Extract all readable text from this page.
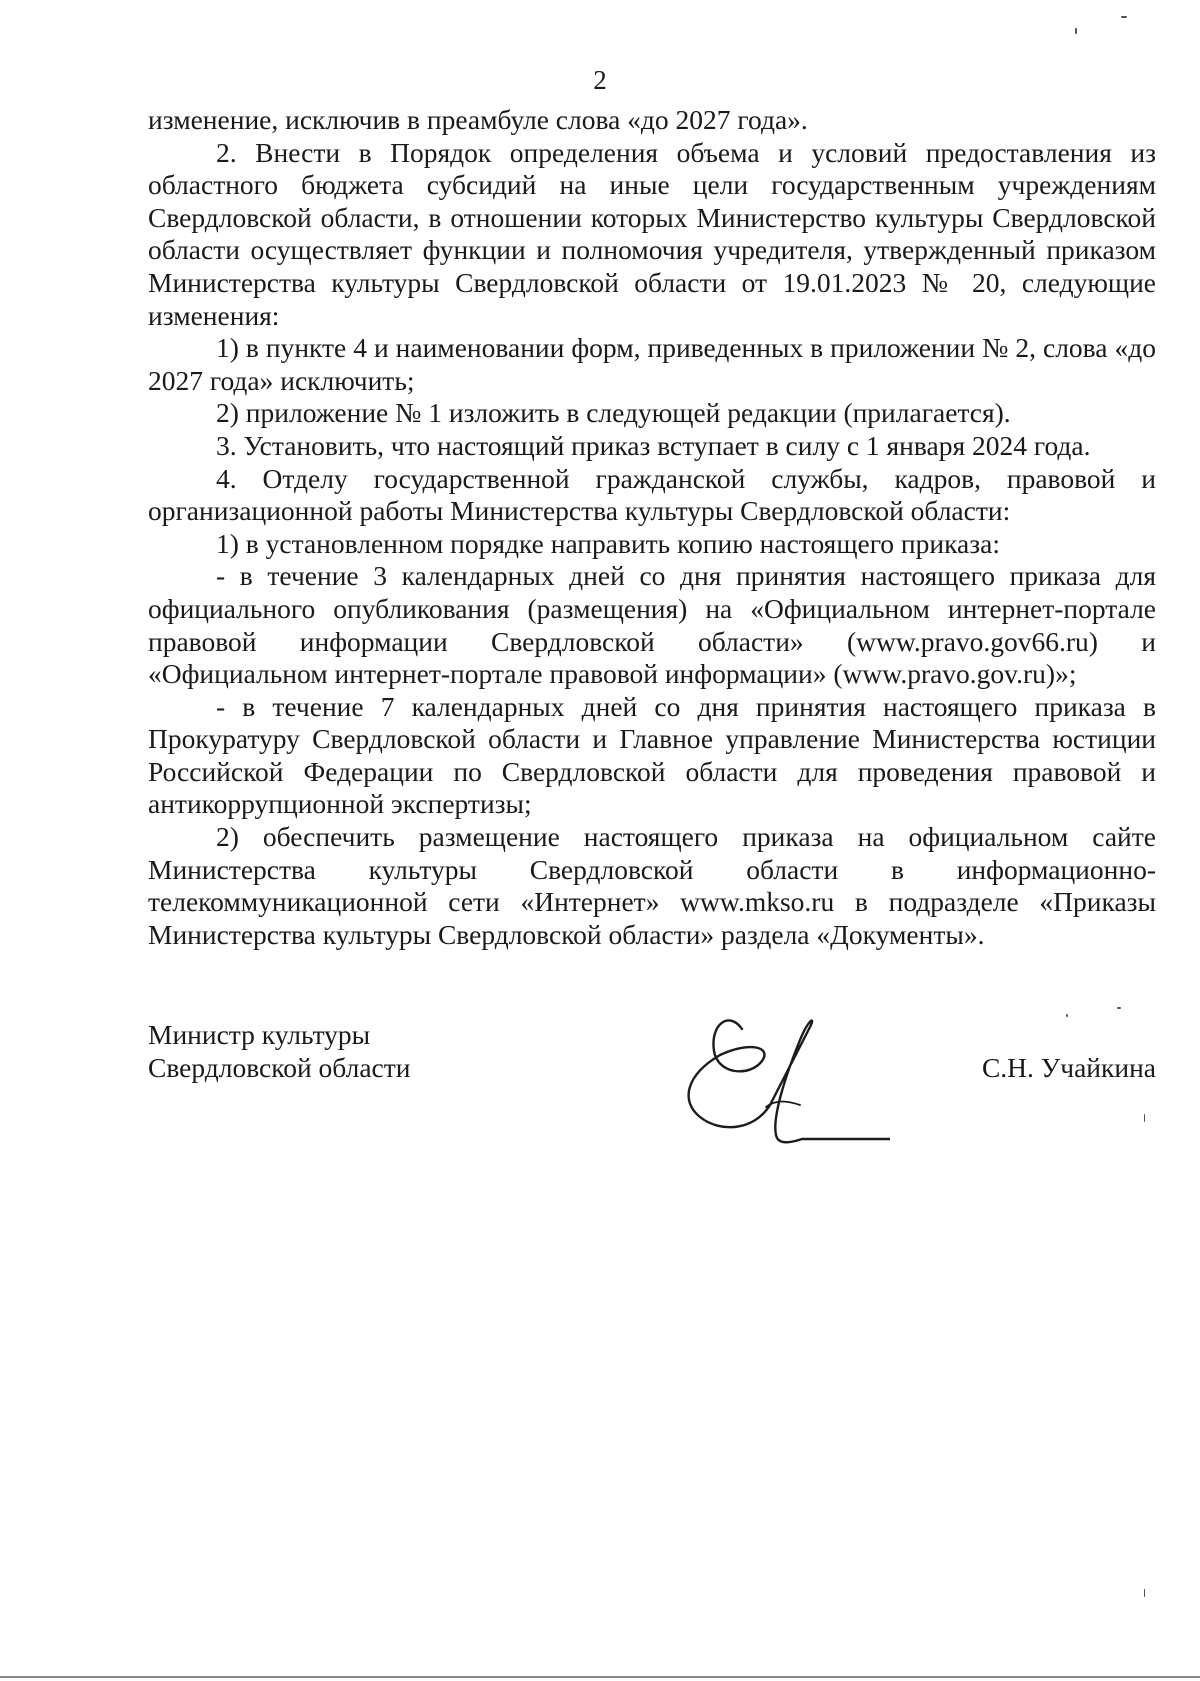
2

изменение, исключив в преамбуле слова «до 2027 года».

2. Внести в Порядок определения объема и условий предоставления из областного бюджета субсидий на иные цели государственным учреждениям Свердловской области, в отношении которых Министерство культуры Свердловской области осуществляет функции и полномочия учредителя, утвержденный приказом Министерства культуры Свердловской области от 19.01.2023 № 20, следующие изменения:

1) в пункте 4 и наименовании форм, приведенных в приложении № 2, слова «до 2027 года» исключить;

2) приложение № 1 изложить в следующей редакции (прилагается).

3. Установить, что настоящий приказ вступает в силу с 1 января 2024 года.

4. Отделу государственной гражданской службы, кадров, правовой и организационной работы Министерства культуры Свердловской области:

1) в установленном порядке направить копию настоящего приказа:

- в течение 3 календарных дней со дня принятия настоящего приказа для официального опубликования (размещения) на «Официальном интернет-портале правовой информации Свердловской области» (www.pravo.gov66.ru) и «Официальном интернет-портале правовой информации» (www.pravo.gov.ru)»;

- в течение 7 календарных дней со дня принятия настоящего приказа в Прокуратуру Свердловской области и Главное управление Министерства юстиции Российской Федерации по Свердловской области для проведения правовой и антикоррупционной экспертизы;

2) обеспечить размещение настоящего приказа на официальном сайте Министерства культуры Свердловской области в информационно-телекоммуникационной сети «Интернет» www.mkso.ru в подразделе «Приказы Министерства культуры Свердловской области» раздела «Документы».

Министр культуры
Свердловской области	С.Н. Учайкина
